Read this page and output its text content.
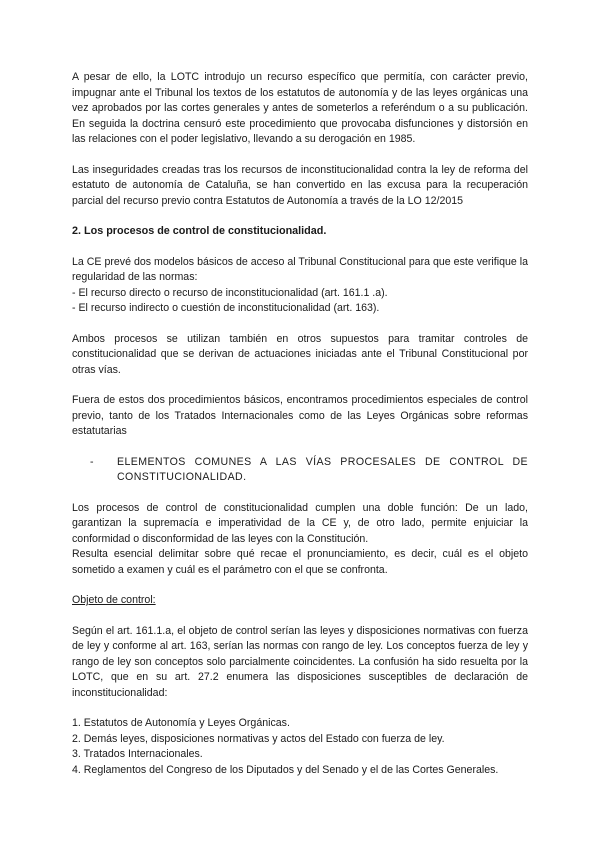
A pesar de ello, la LOTC introdujo un recurso específico que permitía, con carácter previo, impugnar ante el Tribunal los textos de los estatutos de autonomía y de las leyes orgánicas una vez aprobados por las cortes generales y antes de someterlos a referéndum o a su publicación. En seguida la doctrina censuró este procedimiento que provocaba disfunciones y distorsión en las relaciones con el poder legislativo, llevando a su derogación en 1985.

Las inseguridades creadas tras los recursos de inconstitucionalidad contra la ley de reforma del estatuto de autonomía de Cataluña, se han convertido en las excusa para la recuperación parcial del recurso previo contra Estatutos de Autonomía a través de la LO 12/2015

2. Los procesos de control de constitucionalidad.

La CE prevé dos modelos básicos de acceso al Tribunal Constitucional para que este verifique la regularidad de las normas:

- El recurso directo o recurso de inconstitucionalidad (art. 161.1 .a).

- El recurso indirecto o cuestión de inconstitucionalidad (art. 163).

Ambos procesos se utilizan también en otros supuestos para tramitar controles de constitucionalidad que se derivan de actuaciones iniciadas ante el Tribunal Constitucional por otras vías.

Fuera de estos dos procedimientos básicos, encontramos procedimientos especiales de control previo, tanto de los Tratados Internacionales como de las Leyes Orgánicas sobre reformas estatutarias

-	ELEMENTOS COMUNES A LAS VÍAS PROCESALES DE CONTROL DE CONSTITUCIONALIDAD.

Los procesos de control de constitucionalidad cumplen una doble función: De un lado, garantizan la supremacía e imperatividad de la CE y, de otro lado, permite enjuiciar la conformidad o disconformidad de las leyes con la Constitución.

Resulta esencial delimitar sobre qué recae el pronunciamiento, es decir, cuál es el objeto sometido a examen y cuál es el parámetro con el que se confronta.

Objeto de control:

Según el art. 161.1.a, el objeto de control serían las leyes y disposiciones normativas con fuerza de ley y conforme al art. 163, serían las normas con rango de ley. Los conceptos fuerza de ley y rango de ley son conceptos solo parcialmente coincidentes. La confusión ha sido resuelta por la LOTC, que en su art. 27.2 enumera las disposiciones susceptibles de declaración de inconstitucionalidad:

1. Estatutos de Autonomía y Leyes Orgánicas.

2. Demás leyes, disposiciones normativas y actos del Estado con fuerza de ley.

3. Tratados Internacionales.

4. Reglamentos del Congreso de los Diputados y del Senado y el de las Cortes Generales.
